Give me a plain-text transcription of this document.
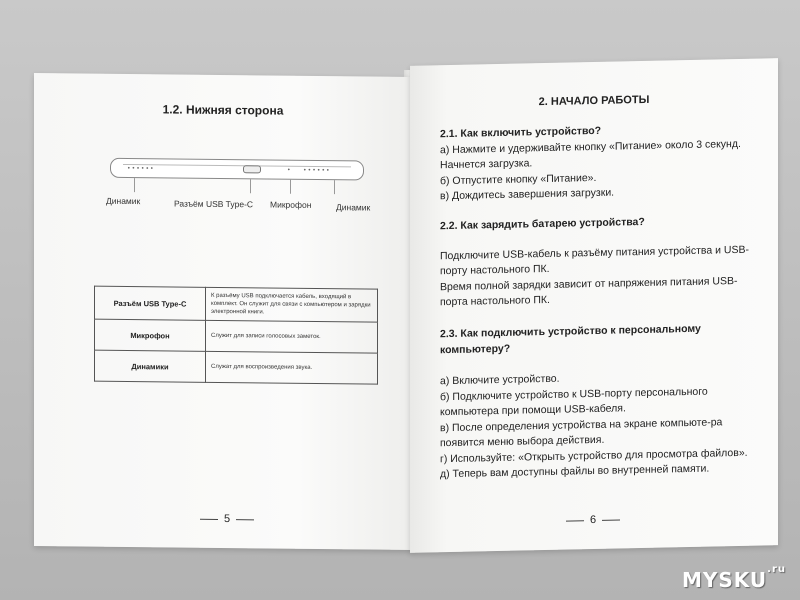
1.2. Нижняя сторона
••••••	• ••••••
Динамик	Разъём USB Type-C Микрофон	Динамик
Разъём USB Type-C	К разъёму USB подключается кабель, входящий в комплект. Он служит для связи с компьютером и зарядки электронной книги.
Микрофон	Служит для записи голосовых заметок.
Динамики	Служат для воспроизведения звука.
5
2. НАЧАЛО РАБОТЫ

2.1. Как включить устройство?

а) Нажмите и удерживайте кнопку «Питание» около 3 секунд. Начнется загрузка.

б) Отпустите кнопку «Питание».

в) Дождитесь завершения загрузки.

2.2. Как зарядить батарею устройства?

Подключите USB-кабель к разъёму питания устройства и USB-порту настольного ПК.

Время полной зарядки зависит от напряжения питания USB-порта настольного ПК.

2.3. Как подключить устройство к персональному компьютеру?

а) Включите устройство.

б) Подключите устройство к USB-порту персонального компьютера при помощи USB-кабеля.

в) После определения устройства на экране компьюте-ра появится меню выбора действия.

г) Используйте: «Открыть устройство для просмотра файлов».

д) Теперь вам доступны файлы во внутренней памяти.

6
$MYSKU^{.ru}$
